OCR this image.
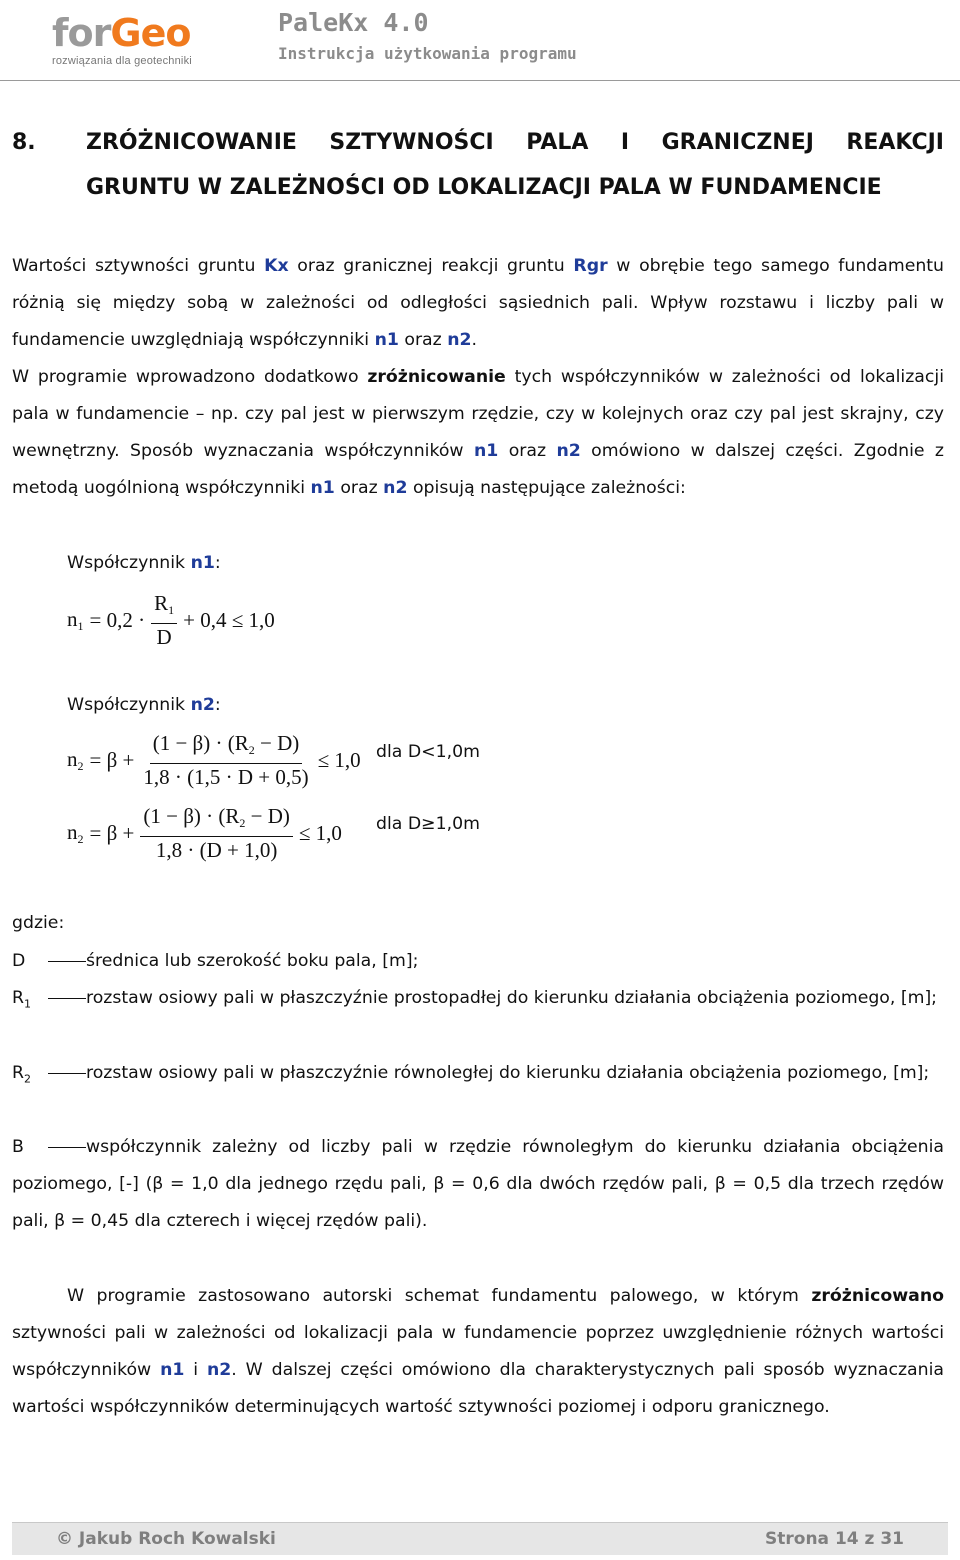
forGeo
rozwiązania dla geotechniki
PaleKx 4.0
Instrukcja użytkowania programu
8. ZRÓŻNICOWANIE SZTYWNOŚCI PALA I GRANICZNEJ REAKCJI
GRUNTU W ZALEŻNOŚCI OD LOKALIZACJI PALA W FUNDAMENCIE
Wartości sztywności gruntu Kx oraz granicznej reakcji gruntu Rgr w obrębie tego samego fundamentu różnią się między sobą w zależności od odległości sąsiednich pali. Wpływ rozstawu i liczby pali w fundamencie uwzględniają współczynniki n1 oraz n2.
W programie wprowadzono dodatkowo zróżnicowanie tych współczynników w zależności od lokalizacji pala w fundamencie – np. czy pal jest w pierwszym rzędzie, czy w kolejnych oraz czy pal jest skrajny, czy wewnętrzny. Sposób wyznaczania współczynników n1 oraz n2 omówiono w dalszej części. Zgodnie z metodą uogólnioną współczynniki n1 oraz n2 opisują następujące zależności:
Współczynnik n1:
$n_1 = 0,2 \cdot \frac{R_1}{D} + 0,4 \le 1,0$
Współczynnik n2:
$n_2 = \beta + \frac{(1 - \beta) \cdot (R_2 - D)}{1,8 \cdot (1,5 \cdot D + 0,5)} \le 1,0$ dla D<1,0m
$n_2 = \beta + \frac{(1 - \beta) \cdot (R_2 - D)}{1,8 \cdot (D + 1,0)} \le 1,0$ dla D≥1,0m
gdzie:
D	średnica lub szerokość boku pala, [m];
$R_1$	rozstaw osiowy pali w płaszczyźnie prostopadłej do kierunku działania obciążenia poziomego, [m];
$R_2$	rozstaw osiowy pali w płaszczyźnie równoległej do kierunku działania obciążenia poziomego, [m];
B	współczynnik zależny od liczby pali w rzędzie równoległym do kierunku działania obciążenia poziomego, [-] (β = 1,0 dla jednego rzędu pali, β = 0,6 dla dwóch rzędów pali, β = 0,5 dla trzech rzędów pali, β = 0,45 dla czterech i więcej rzędów pali).
W programie zastosowano autorski schemat fundamentu palowego, w którym zróżnicowano sztywności pali w zależności od lokalizacji pala w fundamencie poprzez uwzględnienie różnych wartości współczynników n1 i n2. W dalszej części omówiono dla charakterystycznych pali sposób wyznaczania wartości współczynników determinujących wartość sztywności poziomej i odporu granicznego.
© Jakub Roch Kowalski	Strona 14 z 31
